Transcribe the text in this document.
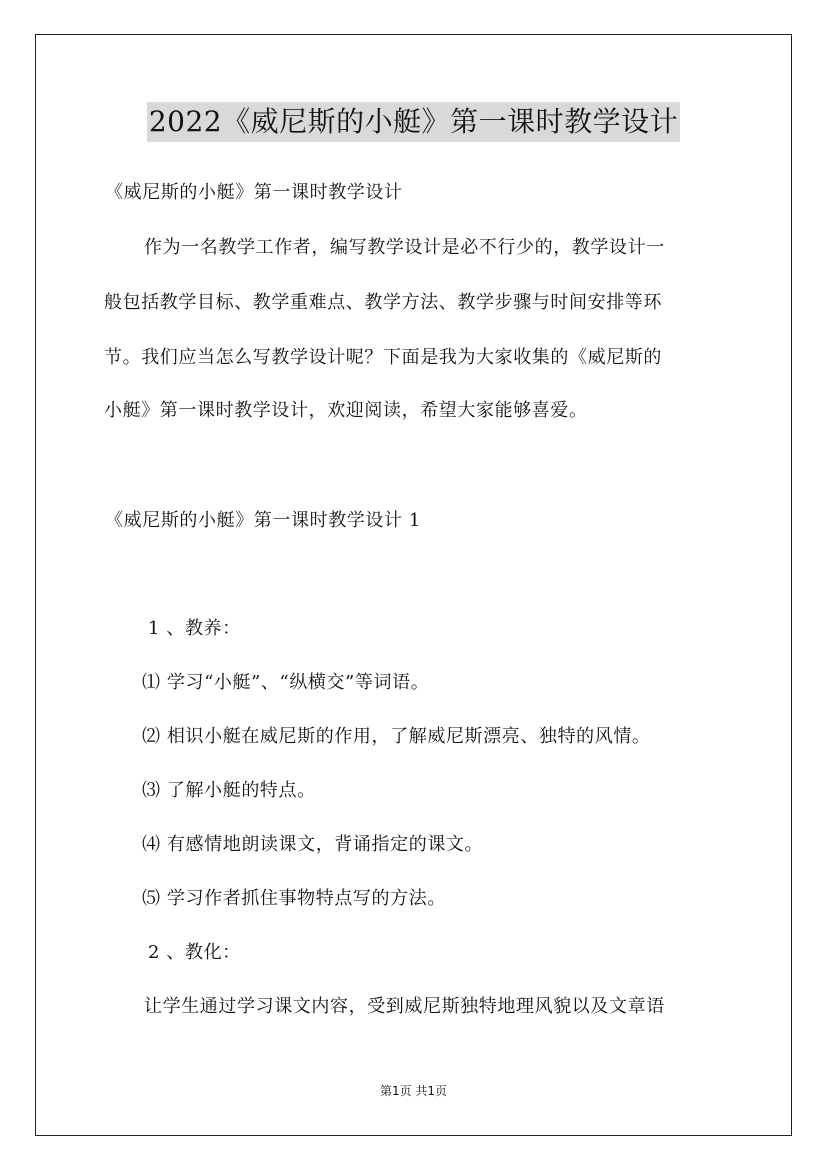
2022《威尼斯的小艇》第一课时教学设计

《威尼斯的小艇》第一课时教学设计

作为一名教学工作者，编写教学设计是必不行少的，教学设计一

般包括教学目标、教学重难点、教学方法、教学步骤与时间安排等环

节。我们应当怎么写教学设计呢？下面是我为大家收集的《威尼斯的

小艇》第一课时教学设计，欢迎阅读，希望大家能够喜爱。

《威尼斯的小艇》第一课时教学设计 1

1 、教养：

⑴ 学习“小艇”、“纵横交”等词语。

⑵ 相识小艇在威尼斯的作用，了解威尼斯漂亮、独特的风情。

⑶ 了解小艇的特点。

⑷ 有感情地朗读课文，背诵指定的课文。

⑸ 学习作者抓住事物特点写的方法。

2 、教化：

让学生通过学习课文内容，受到威尼斯独特地理风貌以及文章语

第1页 共1页
